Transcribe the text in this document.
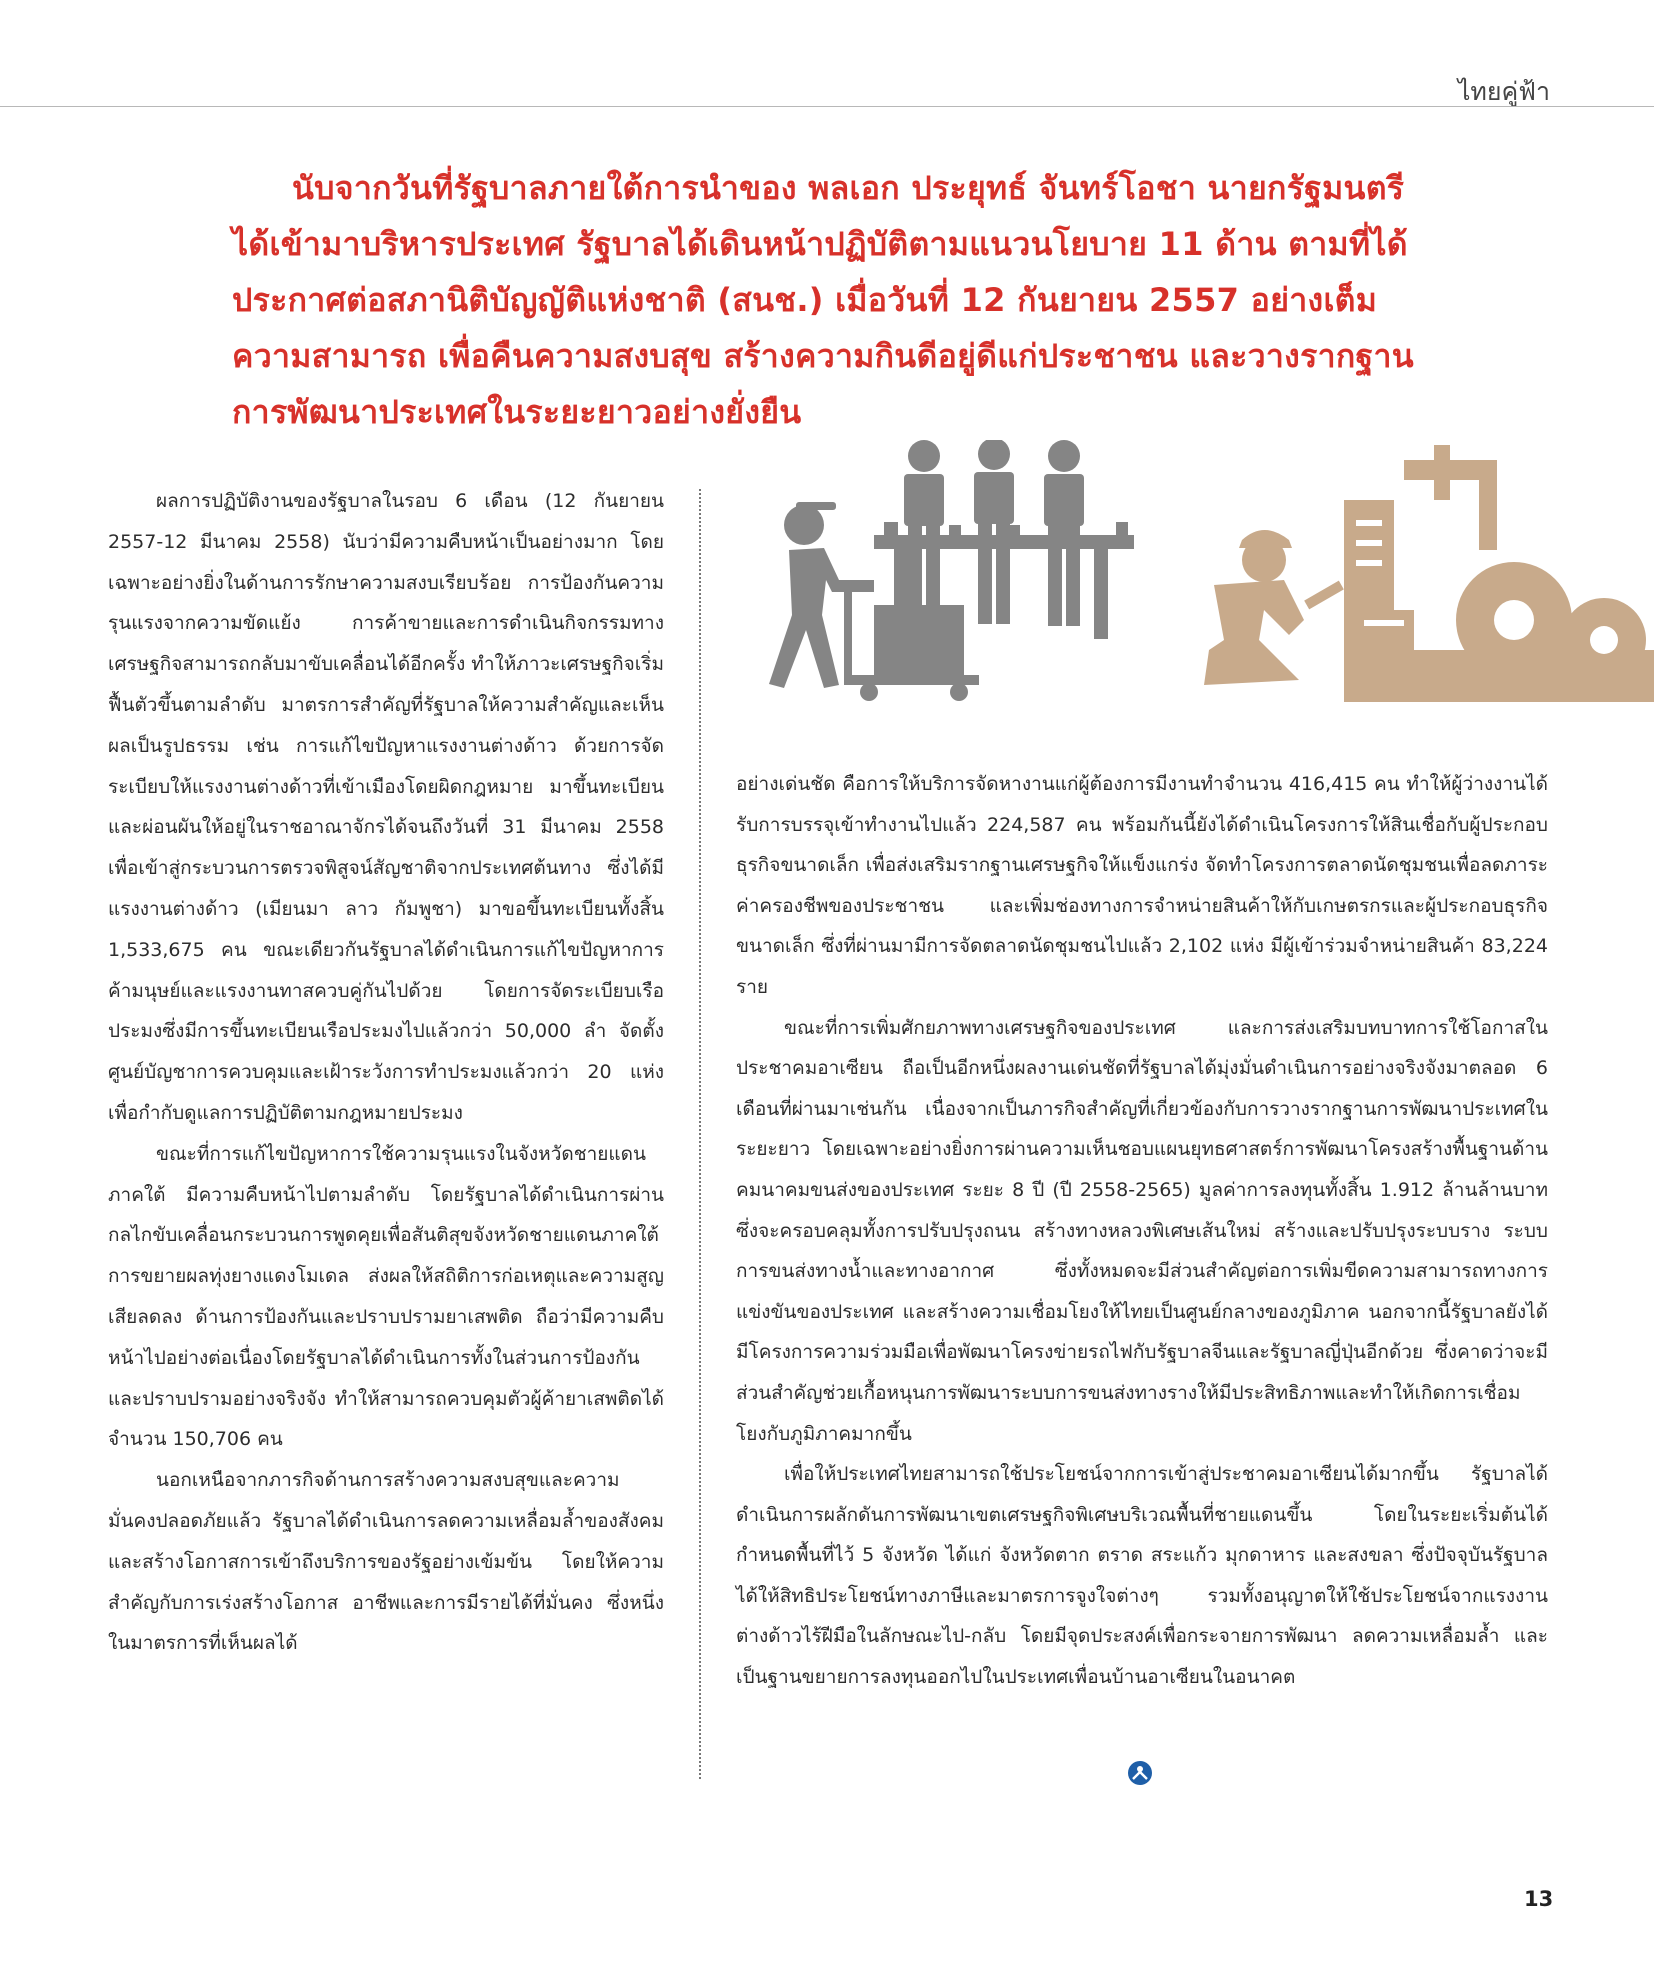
ไทยคู่ฟ้า

นับจากวันที่รัฐบาลภายใต้การนำของ พลเอก ประยุทธ์ จันทร์โอชา นายกรัฐมนตรี ได้เข้ามาบริหารประเทศ รัฐบาลได้เดินหน้าปฏิบัติตามแนวนโยบาย 11 ด้าน ตามที่ได้ประกาศต่อสภานิติบัญญัติแห่งชาติ (สนช.) เมื่อวันที่ 12 กันยายน 2557 อย่างเต็มความสามารถ เพื่อคืนความสงบสุข สร้างความกินดีอยู่ดีแก่ประชาชน และวางรากฐานการพัฒนาประเทศในระยะยาวอย่างยั่งยืน

ผลการปฏิบัติงานของรัฐบาลในรอบ 6 เดือน (12 กันยายน 2557-12 มีนาคม 2558) นับว่ามีความคืบหน้าเป็นอย่างมาก โดยเฉพาะอย่างยิ่งในด้านการรักษาความสงบเรียบร้อย การป้องกันความรุนแรงจากความขัดแย้ง การค้าขายและการดำเนินกิจกรรมทางเศรษฐกิจสามารถกลับมาขับเคลื่อนได้อีกครั้ง ทำให้ภาวะเศรษฐกิจเริ่มฟื้นตัวขึ้นตามลำดับ มาตรการสำคัญที่รัฐบาลให้ความสำคัญและเห็นผลเป็นรูปธรรม เช่น การแก้ไขปัญหาแรงงานต่างด้าว ด้วยการจัดระเบียบให้แรงงานต่างด้าวที่เข้าเมืองโดยผิดกฎหมาย มาขึ้นทะเบียนและผ่อนผันให้อยู่ในราชอาณาจักรได้จนถึงวันที่ 31 มีนาคม 2558 เพื่อเข้าสู่กระบวนการตรวจพิสูจน์สัญชาติจากประเทศต้นทาง ซึ่งได้มีแรงงานต่างด้าว (เมียนมา ลาว กัมพูชา) มาขอขึ้นทะเบียนทั้งสิ้น 1,533,675 คน ขณะเดียวกันรัฐบาลได้ดำเนินการแก้ไขปัญหาการค้ามนุษย์และแรงงานทาสควบคู่กันไปด้วย โดยการจัดระเบียบเรือประมงซึ่งมีการขึ้นทะเบียนเรือประมงไปแล้วกว่า 50,000 ลำ จัดตั้งศูนย์บัญชาการควบคุมและเฝ้าระวังการทำประมงแล้วกว่า 20 แห่ง เพื่อกำกับดูแลการปฏิบัติตามกฎหมายประมง

ขณะที่การแก้ไขปัญหาการใช้ความรุนแรงในจังหวัดชายแดนภาคใต้ มีความคืบหน้าไปตามลำดับ โดยรัฐบาลได้ดำเนินการผ่านกลไกขับเคลื่อนกระบวนการพูดคุยเพื่อสันติสุขจังหวัดชายแดนภาคใต้ การขยายผลทุ่งยางแดงโมเดล ส่งผลให้สถิติการก่อเหตุและความสูญเสียลดลง ด้านการป้องกันและปราบปรามยาเสพติด ถือว่ามีความคืบหน้าไปอย่างต่อเนื่องโดยรัฐบาลได้ดำเนินการทั้งในส่วนการป้องกันและปราบปรามอย่างจริงจัง ทำให้สามารถควบคุมตัวผู้ค้ายาเสพติดได้จำนวน 150,706 คน

นอกเหนือจากภารกิจด้านการสร้างความสงบสุขและความมั่นคงปลอดภัยแล้ว รัฐบาลได้ดำเนินการลดความเหลื่อมล้ำของสังคมและสร้างโอกาสการเข้าถึงบริการของรัฐอย่างเข้มข้น โดยให้ความสำคัญกับการเร่งสร้างโอกาส อาชีพและการมีรายได้ที่มั่นคง ซึ่งหนึ่งในมาตรการที่เห็นผลได้

อย่างเด่นชัด คือการให้บริการจัดหางานแก่ผู้ต้องการมีงานทำจำนวน 416,415 คน ทำให้ผู้ว่างงานได้รับการบรรจุเข้าทำงานไปแล้ว 224,587 คน พร้อมกันนี้ยังได้ดำเนินโครงการให้สินเชื่อกับผู้ประกอบธุรกิจขนาดเล็ก เพื่อส่งเสริมรากฐานเศรษฐกิจให้แข็งแกร่ง จัดทำโครงการตลาดนัดชุมชนเพื่อลดภาระค่าครองชีพของประชาชน และเพิ่มช่องทางการจำหน่ายสินค้าให้กับเกษตรกรและผู้ประกอบธุรกิจขนาดเล็ก ซึ่งที่ผ่านมามีการจัดตลาดนัดชุมชนไปแล้ว 2,102 แห่ง มีผู้เข้าร่วมจำหน่ายสินค้า 83,224 ราย

ขณะที่การเพิ่มศักยภาพทางเศรษฐกิจของประเทศ และการส่งเสริมบทบาทการใช้โอกาสในประชาคมอาเซียน ถือเป็นอีกหนึ่งผลงานเด่นชัดที่รัฐบาลได้มุ่งมั่นดำเนินการอย่างจริงจังมาตลอด 6 เดือนที่ผ่านมาเช่นกัน เนื่องจากเป็นภารกิจสำคัญที่เกี่ยวข้องกับการวางรากฐานการพัฒนาประเทศในระยะยาว โดยเฉพาะอย่างยิ่งการผ่านความเห็นชอบแผนยุทธศาสตร์การพัฒนาโครงสร้างพื้นฐานด้านคมนาคมขนส่งของประเทศ ระยะ 8 ปี (ปี 2558-2565) มูลค่าการลงทุนทั้งสิ้น 1.912 ล้านล้านบาท ซึ่งจะครอบคลุมทั้งการปรับปรุงถนน สร้างทางหลวงพิเศษเส้นใหม่ สร้างและปรับปรุงระบบราง ระบบการขนส่งทางน้ำและทางอากาศ ซึ่งทั้งหมดจะมีส่วนสำคัญต่อการเพิ่มขีดความสามารถทางการแข่งขันของประเทศ และสร้างความเชื่อมโยงให้ไทยเป็นศูนย์กลางของภูมิภาค นอกจากนี้รัฐบาลยังได้มีโครงการความร่วมมือเพื่อพัฒนาโครงข่ายรถไฟกับรัฐบาลจีนและรัฐบาลญี่ปุ่นอีกด้วย ซึ่งคาดว่าจะมีส่วนสำคัญช่วยเกื้อหนุนการพัฒนาระบบการขนส่งทางรางให้มีประสิทธิภาพและทำให้เกิดการเชื่อมโยงกับภูมิภาคมากขึ้น

เพื่อให้ประเทศไทยสามารถใช้ประโยชน์จากการเข้าสู่ประชาคมอาเซียนได้มากขึ้น รัฐบาลได้ดำเนินการผลักดันการพัฒนาเขตเศรษฐกิจพิเศษบริเวณพื้นที่ชายแดนขึ้น โดยในระยะเริ่มต้นได้กำหนดพื้นที่ไว้ 5 จังหวัด ได้แก่ จังหวัดตาก ตราด สระแก้ว มุกดาหาร และสงขลา ซึ่งปัจจุบันรัฐบาลได้ให้สิทธิประโยชน์ทางภาษีและมาตรการจูงใจต่างๆ รวมทั้งอนุญาตให้ใช้ประโยชน์จากแรงงานต่างด้าวไร้ฝีมือในลักษณะไป-กลับ โดยมีจุดประสงค์เพื่อกระจายการพัฒนา ลดความเหลื่อมล้ำ และเป็นฐานขยายการลงทุนออกไปในประเทศเพื่อนบ้านอาเซียนในอนาคต

13
